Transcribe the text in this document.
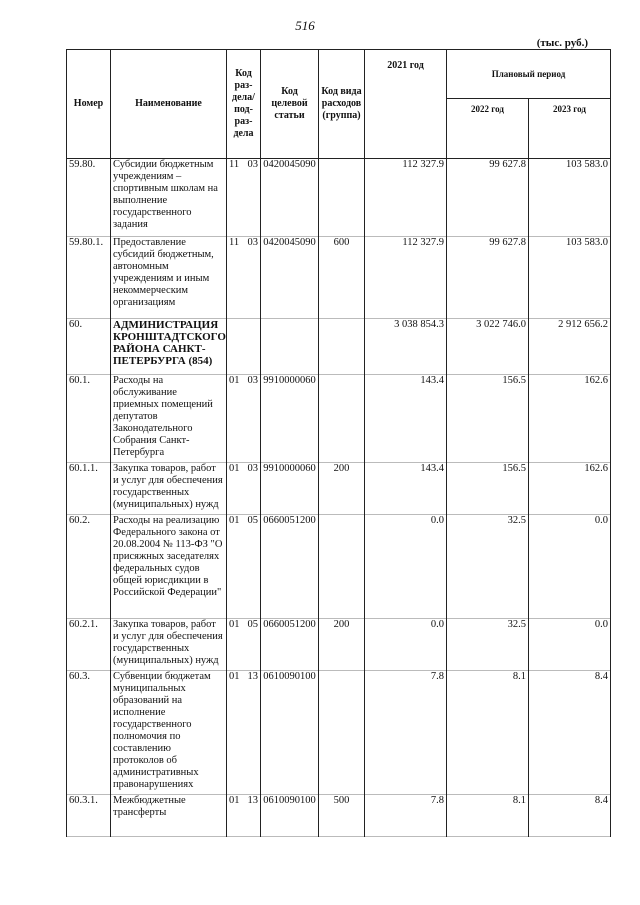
516
(тыс. руб.)
Номер	Наименование	Код раз-дела/ под-раз-дела	Код целевой статьи	Код вида расходов (группа)	2021 год	Плановый период	
						2022 год	2023 год
59.80.	Субсидии бюджетным учреждениям – спортивным школам на выполнение государственного задания	11 03	0420045090		112 327.9	99 627.8	103 583.0
59.80.1.	Предоставление субсидий бюджетным, автономным учреждениям и иным некоммерческим организациям	11 03	0420045090	600	112 327.9	99 627.8	103 583.0
60.	АДМИНИСТРАЦИЯ КРОНШТАДТСКОГО РАЙОНА САНКТ-ПЕТЕРБУРГА (854)				3 038 854.3	3 022 746.0	2 912 656.2
60.1.	Расходы на обслуживание приемных помещений депутатов Законодательного Собрания Санкт-Петербурга	01 03	9910000060		143.4	156.5	162.6
60.1.1.	Закупка товаров, работ и услуг для обеспечения государственных (муниципальных) нужд	01 03	9910000060	200	143.4	156.5	162.6
60.2.	Расходы на реализацию Федерального закона от 20.08.2004 № 113-ФЗ "О присяжных заседателях федеральных судов общей юрисдикции в Российской Федерации"	01 05	0660051200		0.0	32.5	0.0
60.2.1.	Закупка товаров, работ и услуг для обеспечения государственных (муниципальных) нужд	01 05	0660051200	200	0.0	32.5	0.0
60.3.	Субвенции бюджетам муниципальных образований на исполнение государственного полномочия по составлению протоколов об административных правонарушениях	01 13	0610090100		7.8	8.1	8.4
60.3.1.	Межбюджетные трансферты	01 13	0610090100	500	7.8	8.1	8.4
